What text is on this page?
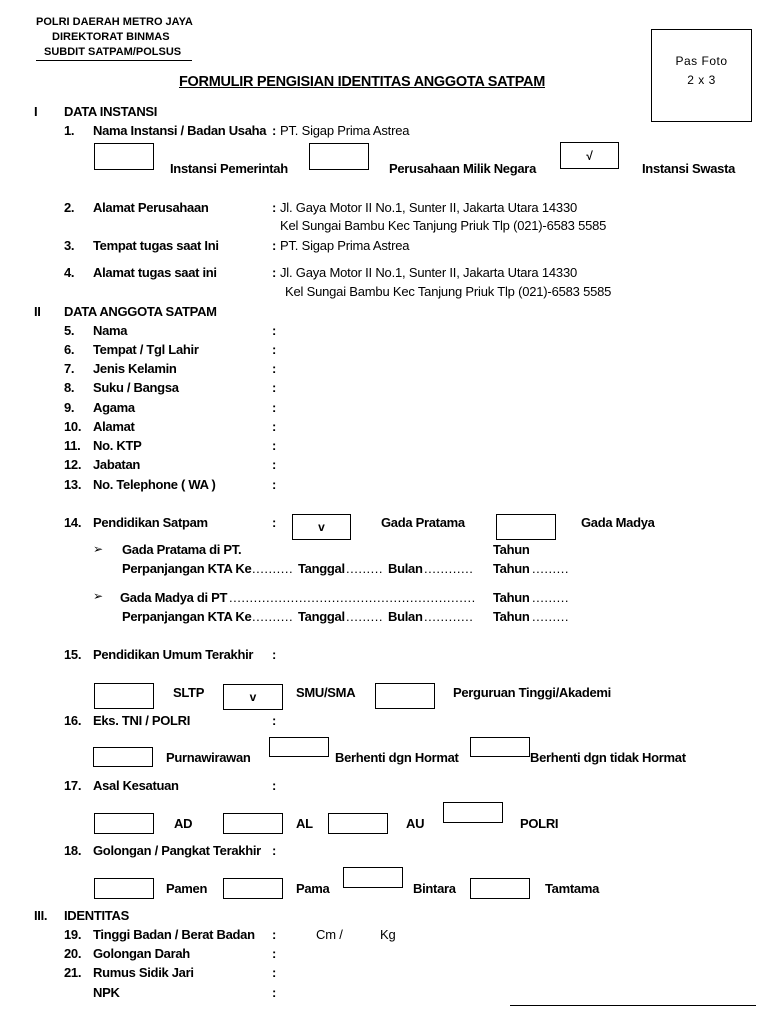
POLRI DAERAH METRO JAYA
DIREKTORAT BINMAS
SUBDIT SATPAM/POLSUS
Pas Foto
2 x 3
FORMULIR PENGISIAN IDENTITAS ANGGOTA SATPAM
I DATA INSTANSI
1. Nama Instansi / Badan Usaha : PT. Sigap Prima Astrea
Instansi Pemerintah	Perusahaan Milik Negara
√
Instansi Swasta
2. Alamat Perusahaan	: Jl. Gaya Motor II No.1, Sunter II, Jakarta Utara 14330
Kel Sungai Bambu Kec Tanjung Priuk Tlp (021)-6583 5585
3. Tempat tugas saat Ini	: PT. Sigap Prima Astrea
4. Alamat tugas saat ini	: Jl. Gaya Motor II No.1, Sunter II, Jakarta Utara 14330
Kel Sungai Bambu Kec Tanjung Priuk Tlp (021)-6583 5585
II DATA ANGGOTA SATPAM
5. Nama	:
6. Tempat / Tgl Lahir	:
7. Jenis Kelamin	:
8. Suku / Bangsa	:
9. Agama	:
10. Alamat	:
11. No. KTP	:
12. Jabatan	:
13. No. Telephone ( WA )	:
14. Pendidikan Satpam	:	v	Gada Pratama	Gada Madya
➢ Gada Pratama di PT.	Tahun
Perpanjangan KTA Ke .......... Tanggal ......... Bulan ............ Tahun .........
➢ Gada Madya di PT ............................................................ Tahun .........
Perpanjangan KTA Ke .......... Tanggal ......... Bulan ............ Tahun .........
15. Pendidikan Umum Terakhir :
SLTP	v	SMU/SMA	Perguruan Tinggi/Akademi
16. Eks. TNI / POLRI	:
Purnawirawan	Berhenti dgn Hormat	Berhenti dgn tidak Hormat
17. Asal Kesatuan	:
AD	AL	AU	POLRI
18. Golongan / Pangkat Terakhir :
Pamen	Pama	Bintara	Tamtama
III. IDENTITAS
19. Tinggi Badan / Berat Badan :	Cm /	Kg
20. Golongan Darah	:
21. Rumus Sidik Jari	:
NPK	:
